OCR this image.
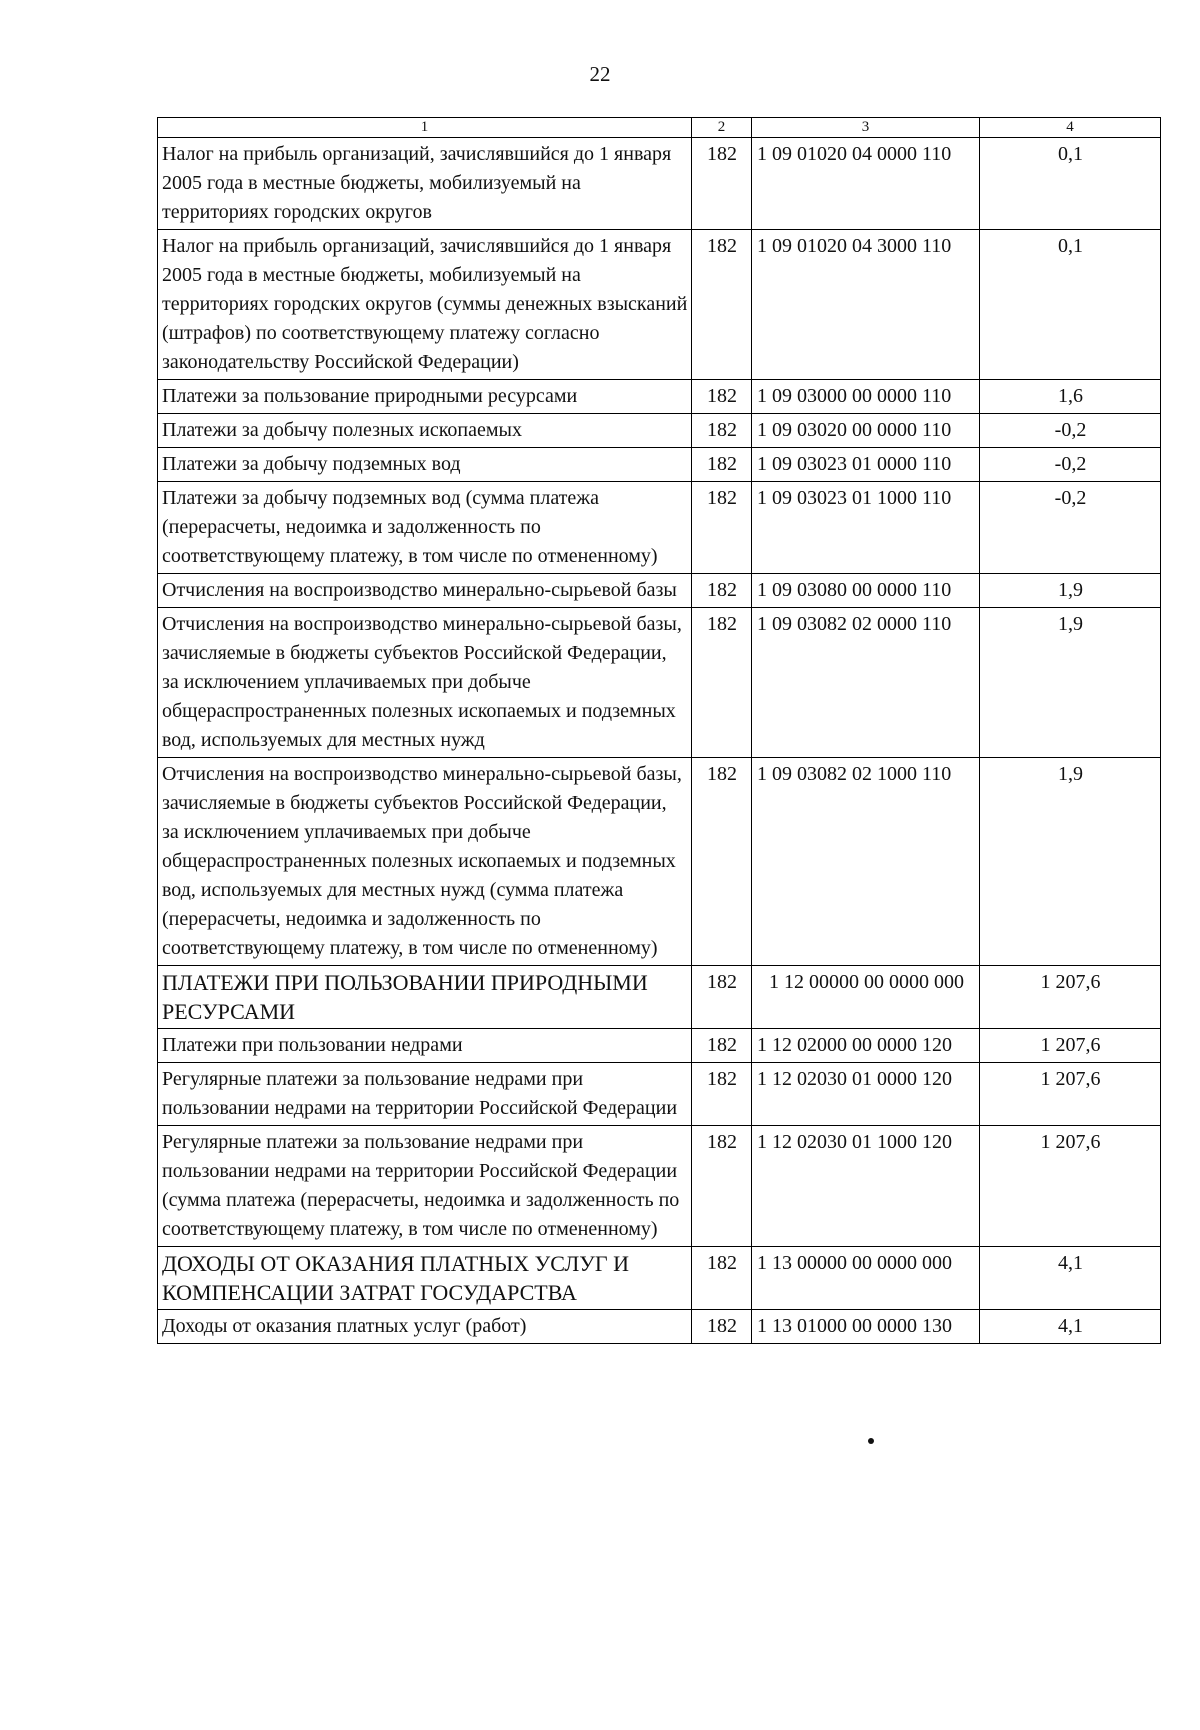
22
1	2	3	4
Налог на прибыль организаций, зачислявшийся до 1 января 2005 года в местные бюджеты, мобилизуемый на территориях городских округов	182	1 09 01020 04 0000 110	0,1
Налог на прибыль организаций, зачислявшийся до 1 января 2005 года в местные бюджеты, мобилизуемый на территориях городских округов (суммы денежных взысканий (штрафов) по соответствующему платежу согласно законодательству Российской Федерации)	182	1 09 01020 04 3000 110	0,1
Платежи за пользование природными ресурсами	182	1 09 03000 00 0000 110	1,6
Платежи за добычу полезных ископаемых	182	1 09 03020 00 0000 110	-0,2
Платежи за добычу подземных вод	182	1 09 03023 01 0000 110	-0,2
Платежи за добычу подземных вод (сумма платежа (перерасчеты, недоимка и задолженность по соответствующему платежу, в том числе по отмененному)	182	1 09 03023 01 1000 110	-0,2
Отчисления на воспроизводство минерально-сырьевой базы	182	1 09 03080 00 0000 110	1,9
Отчисления на воспроизводство минерально-сырьевой базы, зачисляемые в бюджеты субъектов Российской Федерации, за исключением уплачиваемых при добыче общераспространенных полезных ископаемых и подземных вод, используемых для местных нужд	182	1 09 03082 02 0000 110	1,9
Отчисления на воспроизводство минерально-сырьевой базы, зачисляемые в бюджеты субъектов Российской Федерации, за исключением уплачиваемых при добыче общераспространенных полезных ископаемых и подземных вод, используемых для местных нужд (сумма платежа (перерасчеты, недоимка и задолженность по соответствующему платежу, в том числе по отмененному)	182	1 09 03082 02 1000 110	1,9
ПЛАТЕЖИ ПРИ ПОЛЬЗОВАНИИ ПРИРОДНЫМИ РЕСУРСАМИ	182	1 12 00000 00 0000 000	1 207,6
Платежи при пользовании недрами	182	1 12 02000 00 0000 120	1 207,6
Регулярные платежи за пользование недрами при пользовании недрами на территории Российской Федерации	182	1 12 02030 01 0000 120	1 207,6
Регулярные платежи за пользование недрами при пользовании недрами на территории Российской Федерации (сумма платежа (перерасчеты, недоимка и задолженность по соответствующему платежу, в том числе по отмененному)	182	1 12 02030 01 1000 120	1 207,6
ДОХОДЫ ОТ ОКАЗАНИЯ ПЛАТНЫХ УСЛУГ И КОМПЕНСАЦИИ ЗАТРАТ ГОСУДАРСТВА	182	1 13 00000 00 0000 000	4,1
Доходы от оказания платных услуг (работ)	182	1 13 01000 00 0000 130	4,1
